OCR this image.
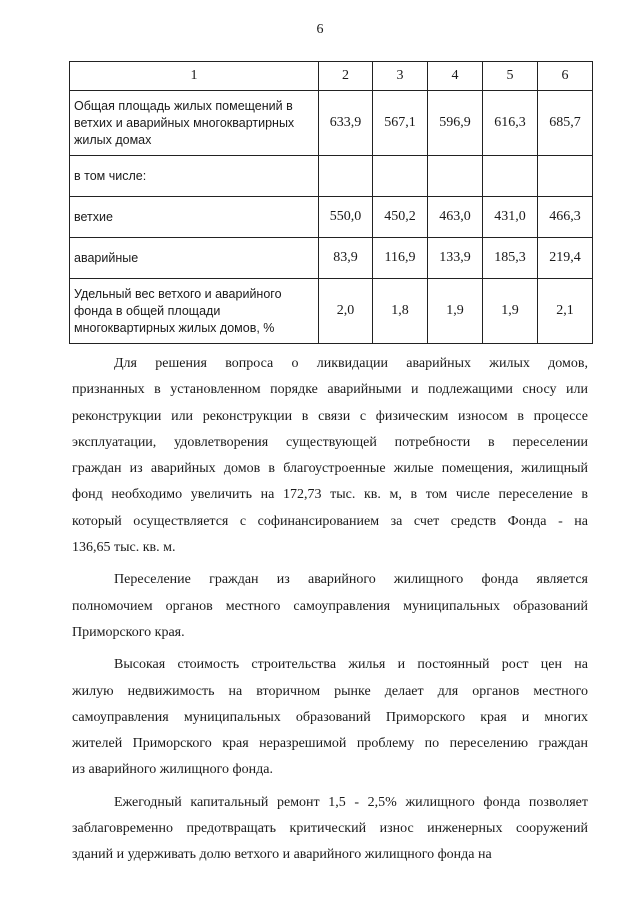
6
1	2	3	4	5	6
Общая площадь жилых помещений в ветхих и аварийных многоквартирных жилых домах	633,9	567,1	596,9	616,3	685,7
в том числе:					
ветхие	550,0	450,2	463,0	431,0	466,3
аварийные	83,9	116,9	133,9	185,3	219,4
Удельный вес ветхого и аварийного фонда в общей площади многоквартирных жилых домов, %	2,0	1,8	1,9	1,9	2,1

Для решения вопроса о ликвидации аварийных жилых домов,
признанных в установленном порядке аварийными и подлежащими сносу или
реконструкции или реконструкции в связи с физическим износом в процессе
эксплуатации, удовлетворения существующей потребности в переселении
граждан из аварийных домов в благоустроенные жилые помещения, жилищный
фонд необходимо увеличить на 172,73 тыс. кв. м, в том числе переселение в
который осуществляется с софинансированием за счет средств Фонда - на
136,65 тыс. кв. м.

Переселение граждан из аварийного жилищного фонда является
полномочием органов местного самоуправления муниципальных образований
Приморского края.

Высокая стоимость строительства жилья и постоянный рост цен на
жилую недвижимость на вторичном рынке делает для органов местного
самоуправления муниципальных образований Приморского края и многих
жителей Приморского края неразрешимой проблему по переселению граждан
из аварийного жилищного фонда.

Ежегодный капитальный ремонт 1,5 - 2,5% жилищного фонда позволяет
заблаговременно предотвращать критический износ инженерных сооружений
зданий и удерживать долю ветхого и аварийного жилищного фонда на
